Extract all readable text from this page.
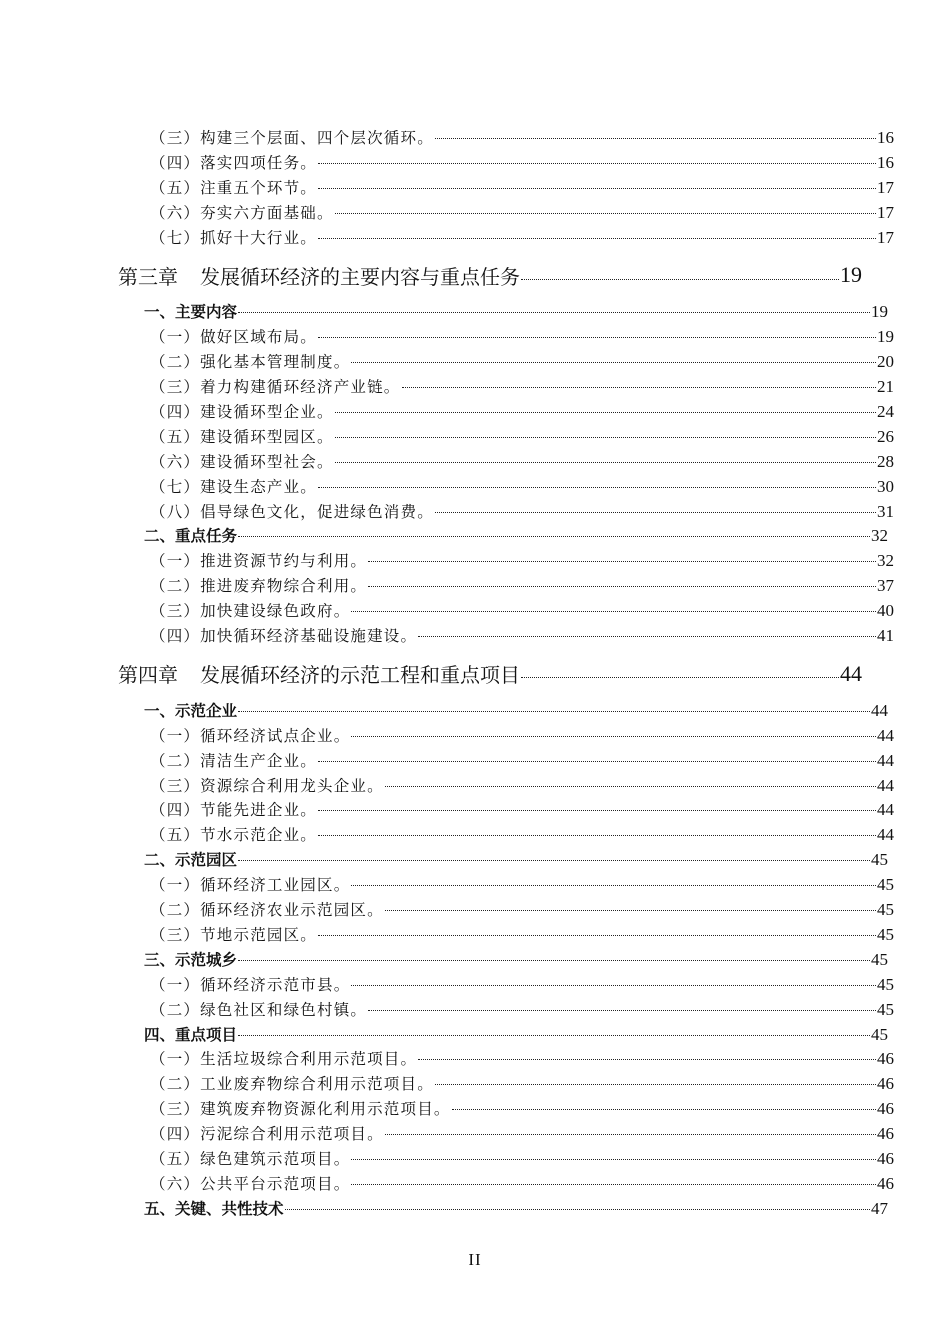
（三）构建三个层面、四个层次循环。	16
（四）落实四项任务。	16
（五）注重五个环节。	17
（六）夯实六方面基础。	17
（七）抓好十大行业。	17
第三章 发展循环经济的主要内容与重点任务	19
一、主要内容	19
（一）做好区域布局。	19
（二）强化基本管理制度。	20
（三）着力构建循环经济产业链。	21
（四）建设循环型企业。	24
（五）建设循环型园区。	26
（六）建设循环型社会。	28
（七）建设生态产业。	30
（八）倡导绿色文化，促进绿色消费。	31
二、重点任务	32
（一）推进资源节约与利用。	32
（二）推进废弃物综合利用。	37
（三）加快建设绿色政府。	40
（四）加快循环经济基础设施建设。	41
第四章 发展循环经济的示范工程和重点项目	44
一、示范企业	44
（一）循环经济试点企业。	44
（二）清洁生产企业。	44
（三）资源综合利用龙头企业。	44
（四）节能先进企业。	44
（五）节水示范企业。	44
二、示范园区	45
（一）循环经济工业园区。	45
（二）循环经济农业示范园区。	45
（三）节地示范园区。	45
三、示范城乡	45
（一）循环经济示范市县。	45
（二）绿色社区和绿色村镇。	45
四、重点项目	45
（一）生活垃圾综合利用示范项目。	46
（二）工业废弃物综合利用示范项目。	46
（三）建筑废弃物资源化利用示范项目。	46
（四）污泥综合利用示范项目。	46
（五）绿色建筑示范项目。	46
（六）公共平台示范项目。	46
五、关键、共性技术	47
II
